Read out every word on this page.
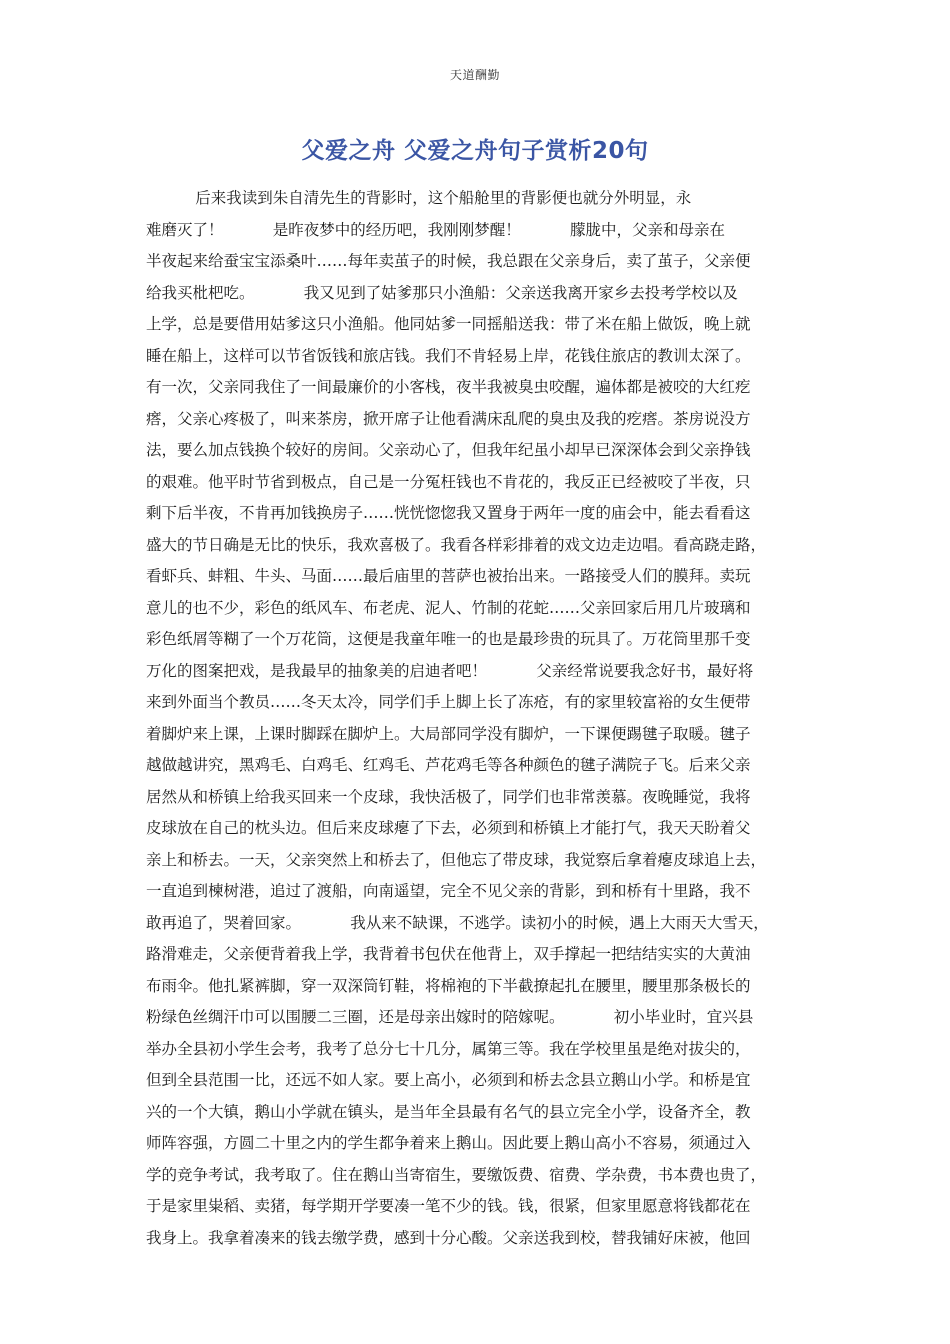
天道酬勤
父爱之舟 父爱之舟句子赏析20句
后来我读到朱自清先生的背影时，这个船舱里的背影便也就分外明显，永
难磨灭了！          是昨夜梦中的经历吧，我刚刚梦醒！          朦胧中，父亲和母亲在
半夜起来给蚕宝宝添桑叶……每年卖茧子的时候，我总跟在父亲身后，卖了茧子，父亲便
给我买枇杷吃。          我又见到了姑爹那只小渔船：父亲送我离开家乡去投考学校以及
上学，总是要借用姑爹这只小渔船。他同姑爹一同摇船送我：带了米在船上做饭，晚上就
睡在船上，这样可以节省饭钱和旅店钱。我们不肯轻易上岸，花钱住旅店的教训太深了。
有一次，父亲同我住了一间最廉价的小客栈，夜半我被臭虫咬醒，遍体都是被咬的大红疙
瘩，父亲心疼极了，叫来茶房，掀开席子让他看满床乱爬的臭虫及我的疙瘩。茶房说没方
法，要么加点钱换个较好的房间。父亲动心了，但我年纪虽小却早已深深体会到父亲挣钱
的艰难。他平时节省到极点，自己是一分冤枉钱也不肯花的，我反正已经被咬了半夜，只
剩下后半夜，不肯再加钱换房子……恍恍惚惚我又置身于两年一度的庙会中，能去看看这
盛大的节日确是无比的快乐，我欢喜极了。我看各样彩排着的戏文边走边唱。看高跷走路，
看虾兵、蚌粗、牛头、马面……最后庙里的菩萨也被抬出来。一路接受人们的膜拜。卖玩
意儿的也不少，彩色的纸风车、布老虎、泥人、竹制的花蛇……父亲回家后用几片玻璃和
彩色纸屑等糊了一个万花筒，这便是我童年唯一的也是最珍贵的玩具了。万花筒里那千变
万化的图案把戏，是我最早的抽象美的启迪者吧！          父亲经常说要我念好书，最好将
来到外面当个教员……冬天太冷，同学们手上脚上长了冻疮，有的家里较富裕的女生便带
着脚炉来上课，上课时脚踩在脚炉上。大局部同学没有脚炉，一下课便踢毽子取暖。毽子
越做越讲究，黑鸡毛、白鸡毛、红鸡毛、芦花鸡毛等各种颜色的毽子满院子飞。后来父亲
居然从和桥镇上给我买回来一个皮球，我快活极了，同学们也非常羡慕。夜晚睡觉，我将
皮球放在自己的枕头边。但后来皮球瘪了下去，必须到和桥镇上才能打气，我天天盼着父
亲上和桥去。一天，父亲突然上和桥去了，但他忘了带皮球，我觉察后拿着瘪皮球追上去，
一直追到楝树港，追过了渡船，向南遥望，完全不见父亲的背影，到和桥有十里路，我不
敢再追了，哭着回家。          我从来不缺课，不逃学。读初小的时候，遇上大雨天大雪天，
路滑难走，父亲便背着我上学，我背着书包伏在他背上，双手撑起一把结结实实的大黄油
布雨伞。他扎紧裤脚，穿一双深筒钉鞋，将棉袍的下半截撩起扎在腰里，腰里那条极长的
粉绿色丝绸汗巾可以围腰二三圈，还是母亲出嫁时的陪嫁呢。          初小毕业时，宜兴县
举办全县初小学生会考，我考了总分七十几分，属第三等。我在学校里虽是绝对拔尖的，
但到全县范围一比，还远不如人家。要上高小，必须到和桥去念县立鹅山小学。和桥是宜
兴的一个大镇，鹅山小学就在镇头，是当年全县最有名气的县立完全小学，设备齐全，教
师阵容强，方圆二十里之内的学生都争着来上鹅山。因此要上鹅山高小不容易，须通过入
学的竞争考试，我考取了。住在鹅山当寄宿生，要缴饭费、宿费、学杂费，书本费也贵了，
于是家里粜稻、卖猪，每学期开学要凑一笔不少的钱。钱，很紧，但家里愿意将钱都花在
我身上。我拿着凑来的钱去缴学费，感到十分心酸。父亲送我到校，替我铺好床被，他回
